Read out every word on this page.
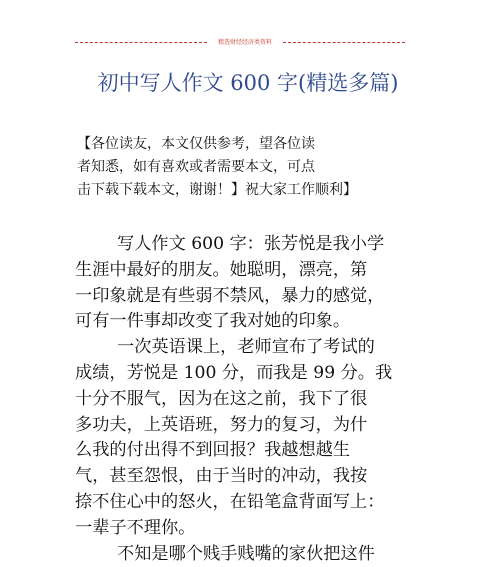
精选财经经济类资料
初中写人作文 600 字(精选多篇)
【各位读友，本文仅供参考，望各位读
者知悉，如有喜欢或者需要本文，可点
击下载下载本文，谢谢！】祝大家工作顺利】
写人作文 600 字：张芳悦是我小学
生涯中最好的朋友。她聪明，漂亮，第
一印象就是有些弱不禁风，暴力的感觉，
可有一件事却改变了我对她的印象。
一次英语课上，老师宣布了考试的
成绩，芳悦是 100 分，而我是 99 分。我
十分不服气，因为在这之前，我下了很
多功夫，上英语班，努力的复习，为什
么我的付出得不到回报？我越想越生
气，甚至怨恨，由于当时的冲动，我按
捺不住心中的怒火，在铅笔盒背面写上：
一辈子不理你。
不知是哪个贱手贱嘴的家伙把这件
